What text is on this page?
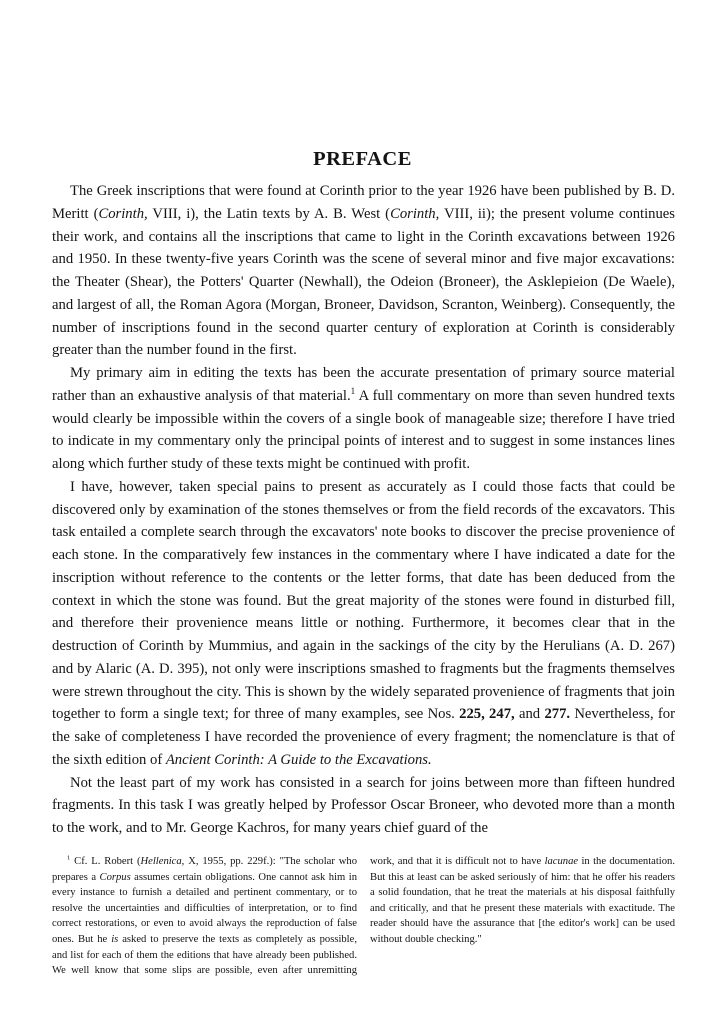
PREFACE

The Greek inscriptions that were found at Corinth prior to the year 1926 have been published by B. D. Meritt (Corinth, VIII, i), the Latin texts by A. B. West (Corinth, VIII, ii); the present volume continues their work, and contains all the inscriptions that came to light in the Corinth excavations between 1926 and 1950. In these twenty-five years Corinth was the scene of several minor and five major excavations: the Theater (Shear), the Potters' Quarter (Newhall), the Odeion (Broneer), the Asklepieion (De Waele), and largest of all, the Roman Agora (Morgan, Broneer, Davidson, Scranton, Weinberg). Consequently, the number of inscriptions found in the second quarter century of exploration at Corinth is considerably greater than the number found in the first.

My primary aim in editing the texts has been the accurate presentation of primary source material rather than an exhaustive analysis of that material.$^1$ A full commentary on more than seven hundred texts would clearly be impossible within the covers of a single book of manageable size; therefore I have tried to indicate in my commentary only the principal points of interest and to suggest in some instances lines along which further study of these texts might be continued with profit.

I have, however, taken special pains to present as accurately as I could those facts that could be discovered only by examination of the stones themselves or from the field records of the excavators. This task entailed a complete search through the excavators' note books to discover the precise provenience of each stone. In the comparatively few instances in the commentary where I have indicated a date for the inscription without reference to the contents or the letter forms, that date has been deduced from the context in which the stone was found. But the great majority of the stones were found in disturbed fill, and therefore their provenience means little or nothing. Furthermore, it becomes clear that in the destruction of Corinth by Mummius, and again in the sackings of the city by the Herulians (A. D. 267) and by Alaric (A. D. 395), not only were inscriptions smashed to fragments but the fragments themselves were strewn throughout the city. This is shown by the widely separated provenience of fragments that join together to form a single text; for three of many examples, see Nos. 225, 247, and 277. Nevertheless, for the sake of completeness I have recorded the provenience of every fragment; the nomenclature is that of the sixth edition of Ancient Corinth: A Guide to the Excavations.

Not the least part of my work has consisted in a search for joins between more than fifteen hundred fragments. In this task I was greatly helped by Professor Oscar Broneer, who devoted more than a month to the work, and to Mr. George Kachros, for many years chief guard of the

$^1$ Cf. L. Robert (Hellenica, X, 1955, pp. 229f.): "The scholar who prepares a Corpus assumes certain obligations. One cannot ask him in every instance to furnish a detailed and pertinent commentary, or to resolve the uncertainties and difficulties of interpretation, or to find correct restorations, or even to avoid always the reproduction of false ones. But he is asked to preserve the texts as completely as possible, and list for each of them the editions that have already been published. We well know that some slips are possible, even after unremitting work, and that it is difficult not to have lacunae in the documentation. But this at least can be asked seriously of him: that he offer his readers a solid foundation, that he treat the materials at his disposal faithfully and critically, and that he present these materials with exactitude. The reader should have the assurance that [the editor's work] can be used without double checking."
